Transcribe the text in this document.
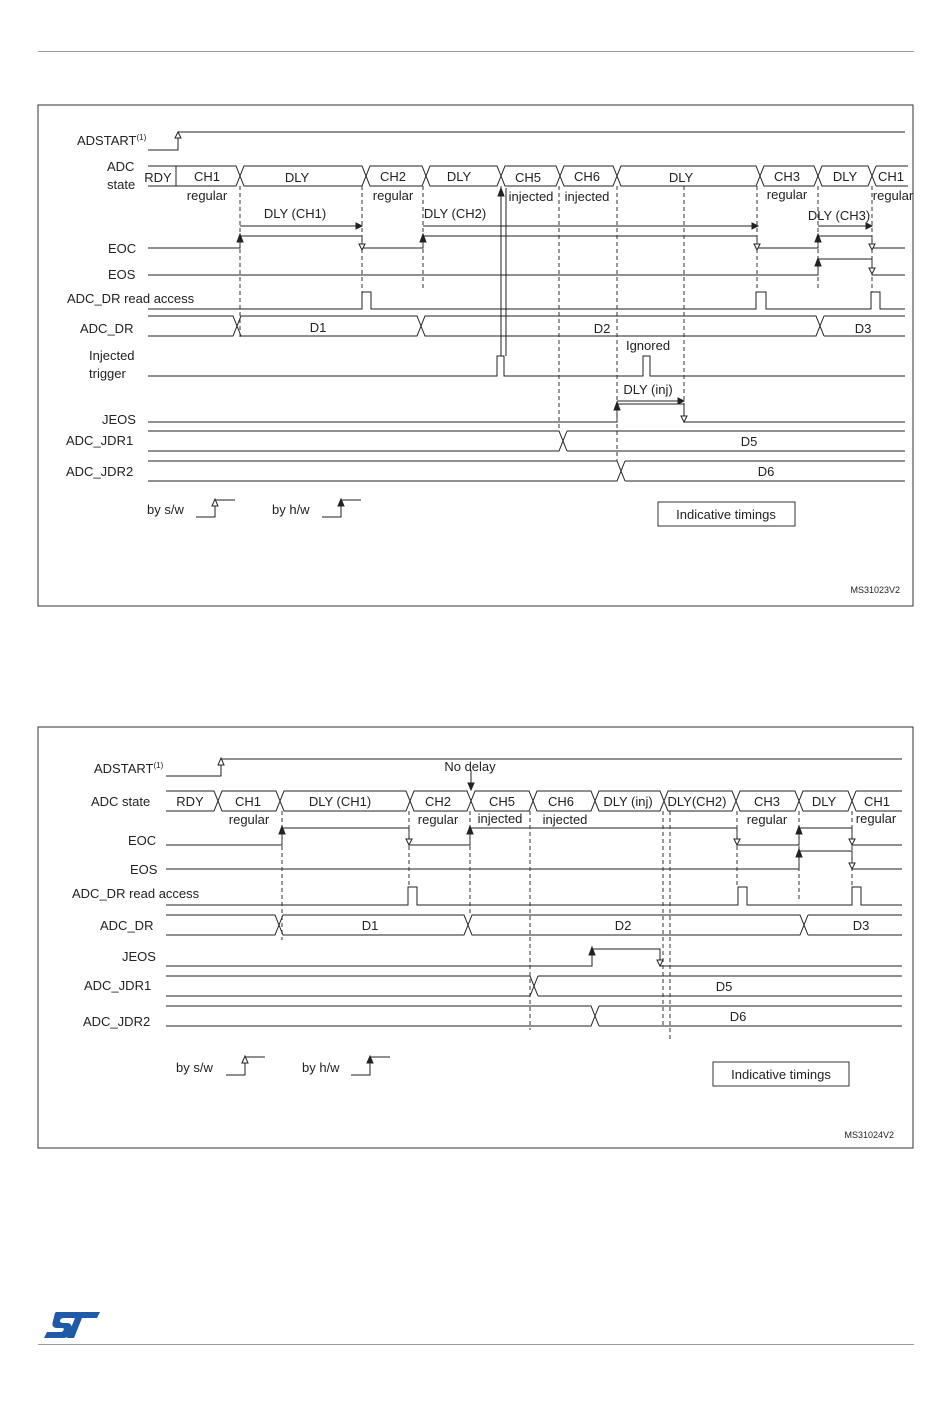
ADSTART$^{(1)}$
ADC
state
EOC
EOS
ADC_DR read access
ADC_DR
Injected
trigger
JEOS
ADC_JDR1
ADC_JDR2
RDY CH1	DLY	CH2	DLY	CH5	CH6	DLY	CH3	DLY CH1
regular	regular	injected injected	regular	regular
DLY (CH1)	DLY (CH2)	DLY (CH3)
DLY (inj)
D1	D2	D3
D5
D6
Ignored
by s/w	by h/w	Indicative timings
MS31023V2
ADSTART$^{(1)}$
ADC state
EOC
EOS
ADC_DR read access
ADC_DR
JEOS
ADC_JDR1
ADC_JDR2
No delay
RDY CH1	DLY (CH1)	CH2	CH5	CH6 DLY (inj) DLY(CH2) CH3 DLY CH1
regular	regular injected injected	regular	regular
D1	D2	D3
D5
D6
by s/w	by h/w	Indicative timings
MS31024V2
